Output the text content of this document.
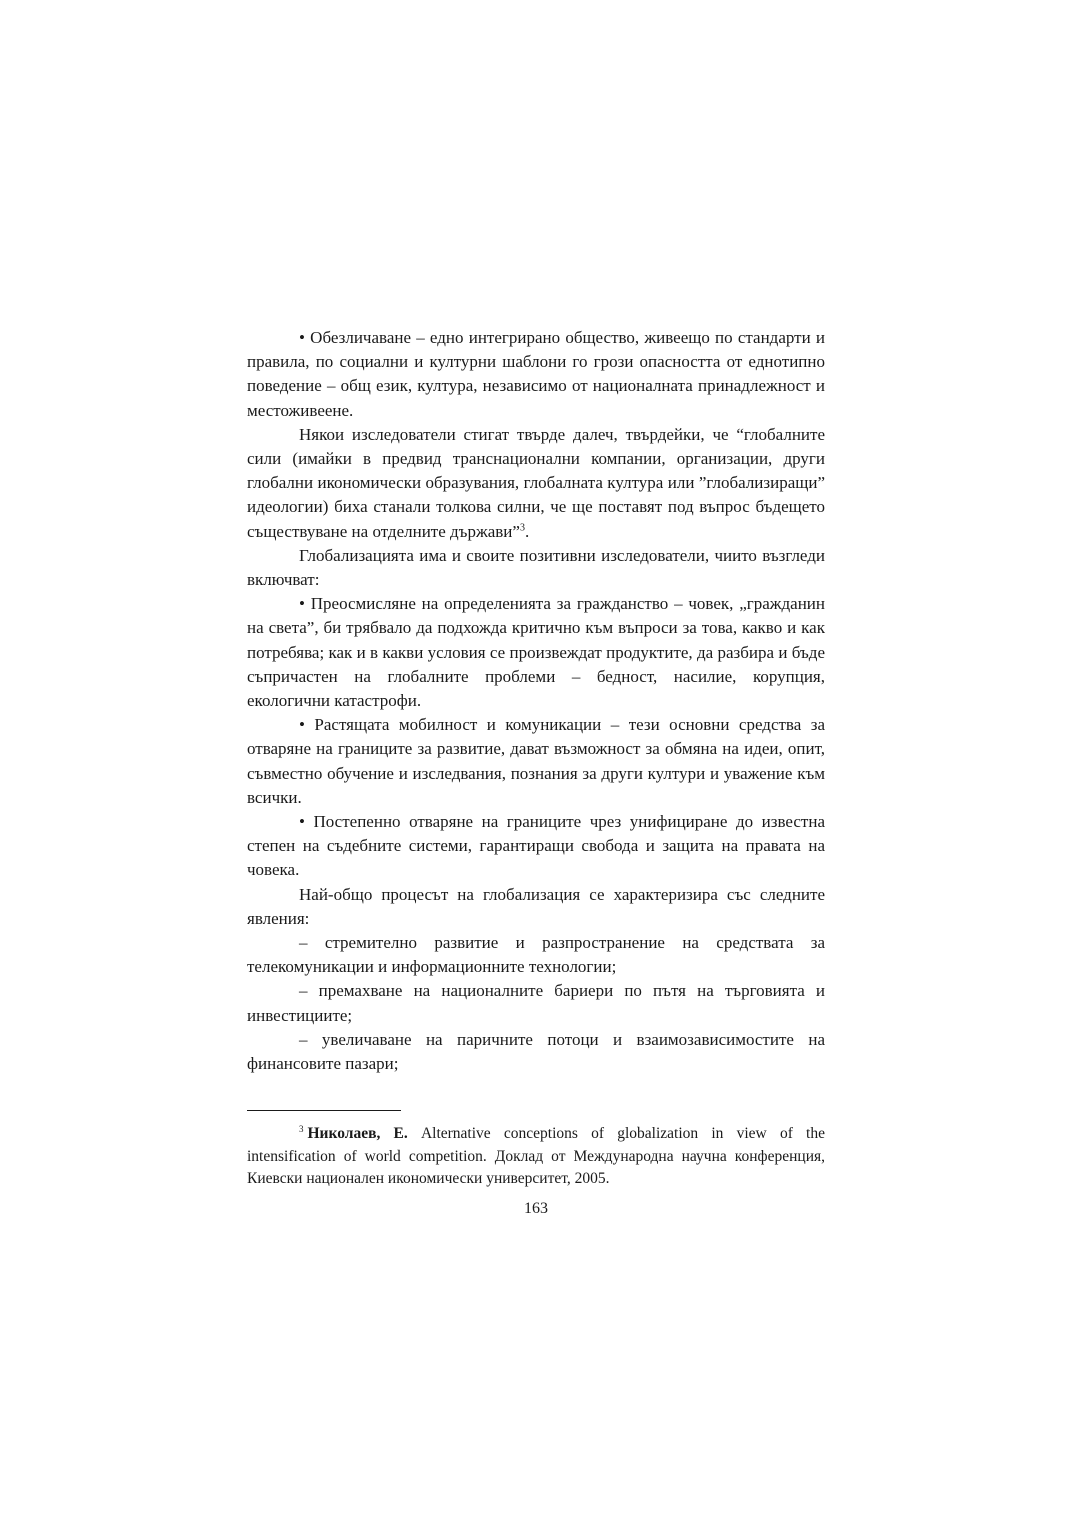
• Обезличаване – едно интегрирано общество, живеещо по стандарти и правила, по социални и културни шаблони го грози опасността от еднотипно поведение – общ език, култура, независимо от националната принадлежност и местоживеене.

Някои изследователи стигат твърде далеч, твърдейки, че “глобалните сили (имайки в предвид транснационални компании, организации, други глобални икономически образувания, глобалната култура или ”глобализиращи” идеологии) биха станали толкова силни, че ще поставят под въпрос бъдещето съществуване на отделните държави”$^3$.

Глобализацията има и своите позитивни изследователи, чиито възгледи включват:

• Преосмисляне на определенията за гражданство – човек, „гражданин на света”, би трябвало да подхожда критично към въпроси за това, какво и как потребява; как и в какви условия се произвеждат продуктите, да разбира и бъде съпричастен на глобалните проблеми – бедност, насилие, корупция, екологични катастрофи.

• Растящата мобилност и комуникации – тези основни средства за отваряне на границите за развитие, дават възможност за обмяна на идеи, опит, съвместно обучение и изследвания, познания за други култури и уважение към всички.

• Постепенно отваряне на границите чрез унифициране до известна степен на съдебните системи, гарантиращи свобода и защита на правата на човека.

Най-общо процесът на глобализация се характеризира със следните явления:

– стремително развитие и разпространение на средствата за телекомуникации и информационните технологии;

– премахване на националните бариери по пътя на търговията и инвестициите;

– увеличаване на паричните потоци и взаимозависимостите на финансовите пазари;

$^3$ Николаев, Е. Alternative conceptions of globalization in view of the intensification of world competition. Доклад от Международна научна конференция, Киевски национален икономически университет, 2005.

163
